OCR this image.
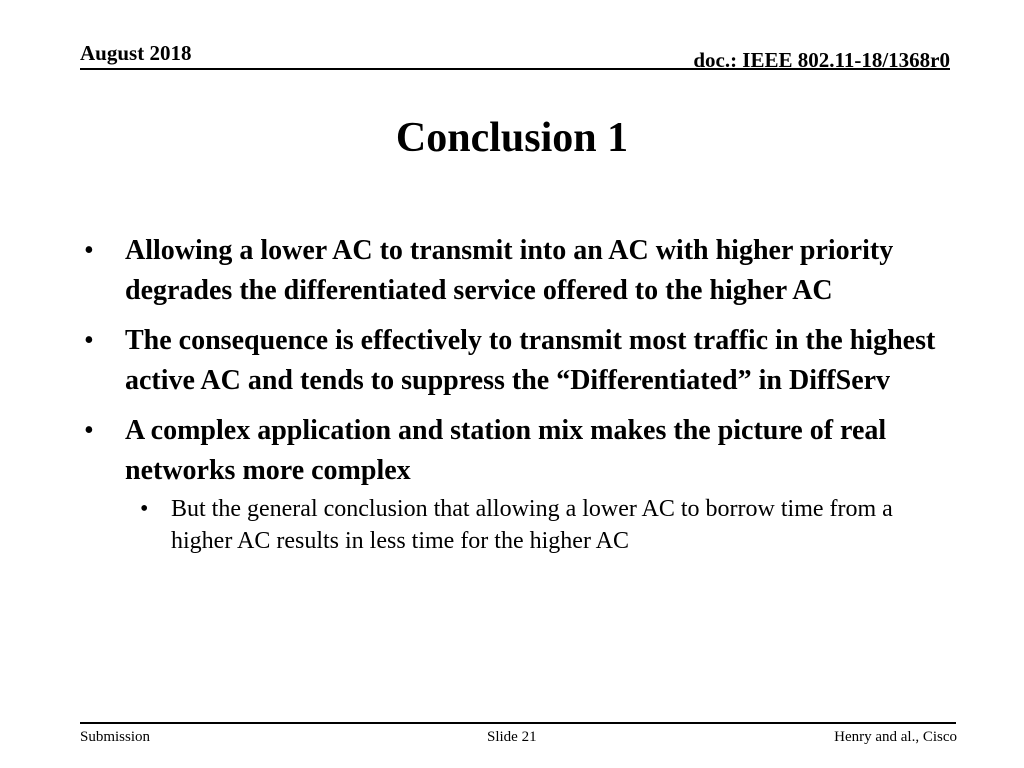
August 2018	doc.: IEEE 802.11-18/1368r0
Conclusion 1
• Allowing a lower AC to transmit into an AC with higher priority degrades the differentiated service offered to the higher AC
• The consequence is effectively to transmit most traffic in the highest active AC and tends to suppress the “Differentiated” in DiffServ
• A complex application and station mix makes the picture of real networks more complex
• But the general conclusion that allowing a lower AC to borrow time from a higher AC results in less time for the higher AC
Submission	Slide 21	Henry and al., Cisco
